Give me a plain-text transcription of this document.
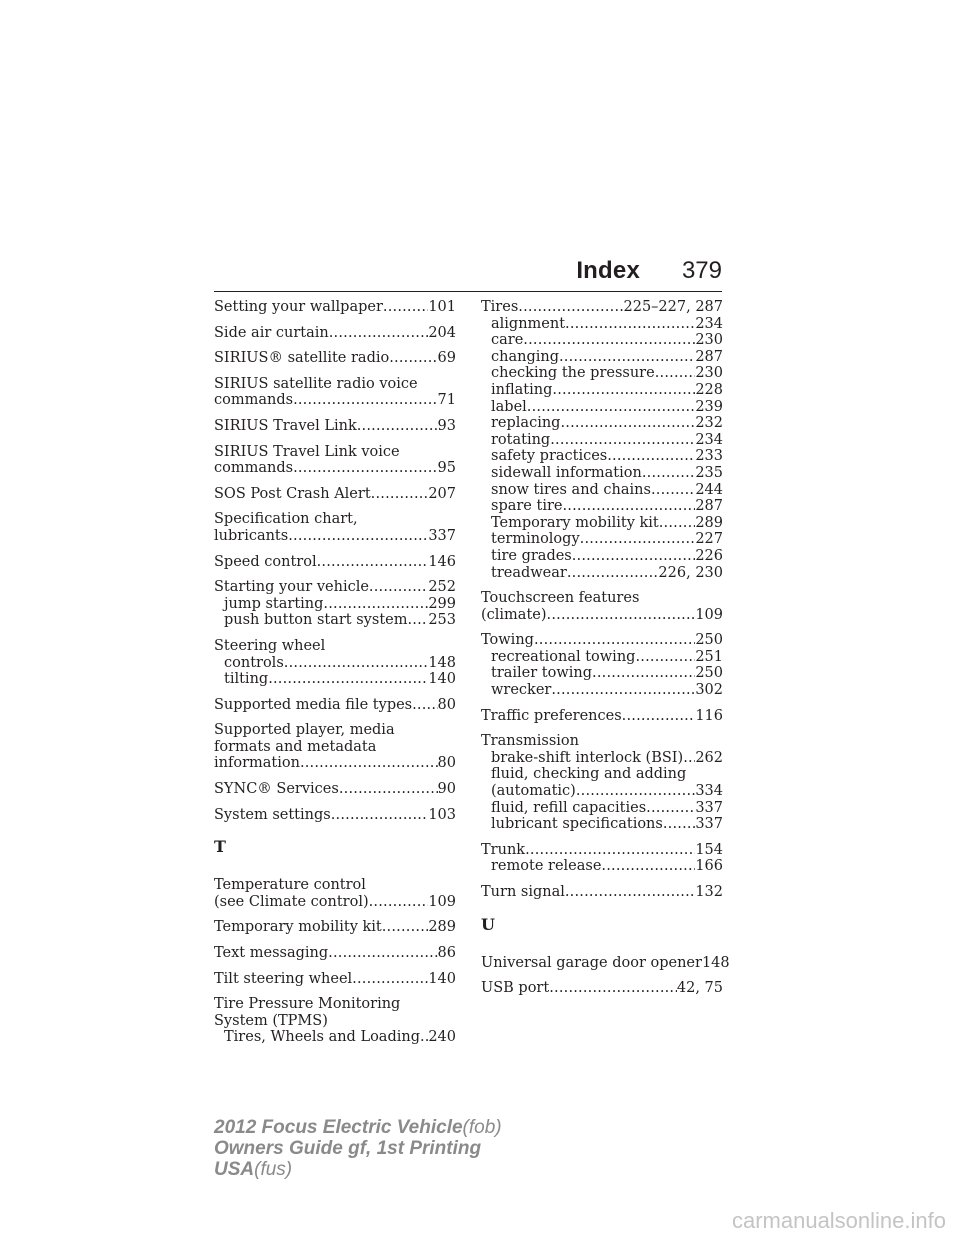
Index 379
Setting your wallpaper .....	101
Side air curtain .....	204
SIRIUS® satellite radio .....	69
SIRIUS satellite radio voice
commands .....	71
SIRIUS Travel Link .....	93
SIRIUS Travel Link voice
commands .....	95
SOS Post Crash Alert .....	207
Specification chart,
lubricants .....	337
Speed control .....	146
Starting your vehicle .....	252
jump starting .....	299
push button start system ..... 253
Steering wheel
controls .....	148
tilting .....	140
Supported media file types ..... 80
Supported player, media
formats and metadata
information .....	80
SYNC® Services .....	90
System settings .....	103
T
Temperature control
(see Climate control) .....	109
Temporary mobility kit .....	289
Text messaging .....	86
Tilt steering wheel .....	140
Tire Pressure Monitoring
System (TPMS)
Tires, Wheels and Loading ..... 240
Tires .....	225–227, 287
alignment .....	234
care .....	230
changing .....	287
checking the pressure .....	230
inflating .....	228
label .....	239
replacing .....	232
rotating .....	234
safety practices .....	233
sidewall information .....	235
snow tires and chains .....	244
spare tire .....	287
Temporary mobility kit .....	289
terminology .....	227
tire grades .....	226
treadwear .....	226, 230
Touchscreen features
(climate) .....	109
Towing .....	250
recreational towing .....	251
trailer towing .....	250
wrecker .....	302
Traffic preferences .....	116
Transmission
brake-shift interlock (BSI) ..... 262
fluid, checking and adding
(automatic) .....	334
fluid, refill capacities .....	337
lubricant specifications ..... 337
Trunk .....	154
remote release .....	166
Turn signal .....	132
U
Universal garage door opener 148
USB port .....	42, 75
2012 Focus Electric Vehicle(fob)
Owners Guide gf, 1st Printing
USA(fus)
carmanualsonline.info
